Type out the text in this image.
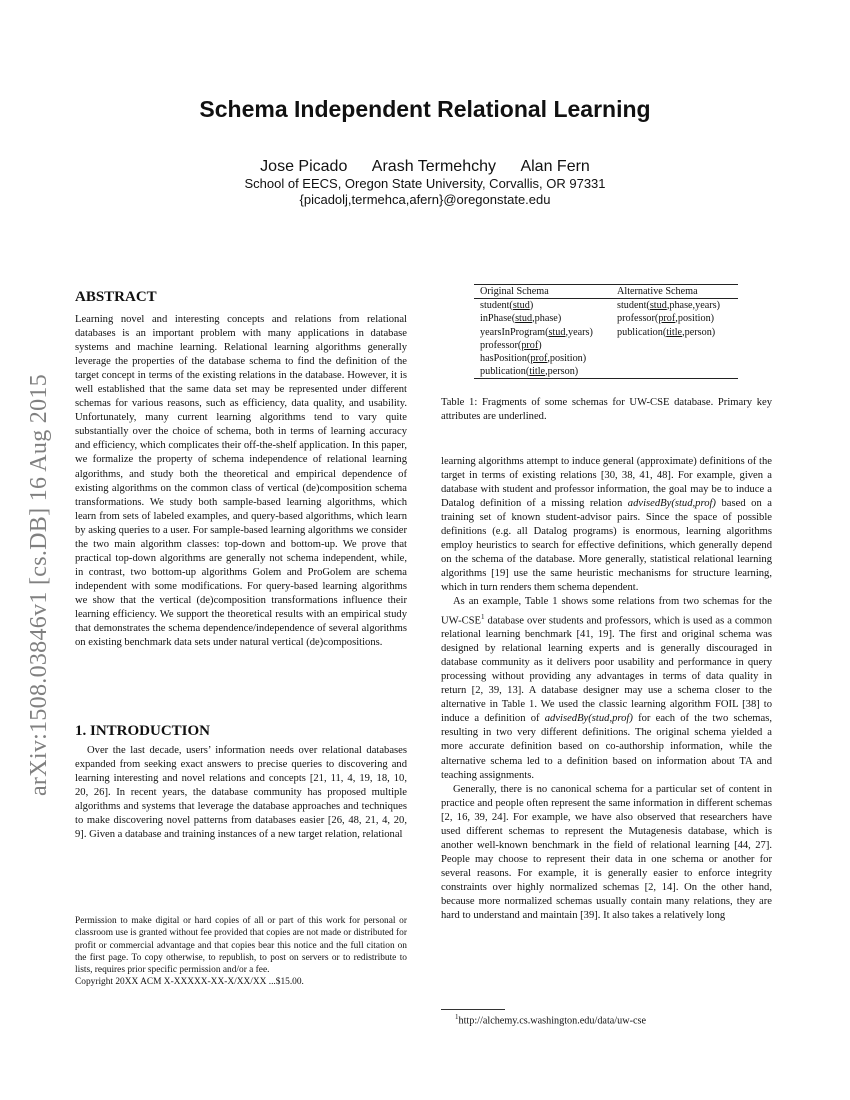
Schema Independent Relational Learning
Jose Picado Arash Termehchy Alan Fern
School of EECS, Oregon State University, Corvallis, OR 97331
{picadolj,termehca,afern}@oregonstate.edu
arXiv:1508.03846v1 [cs.DB] 16 Aug 2015
ABSTRACT

Learning novel and interesting concepts and relations from relational databases is an important problem with many applications in database systems and machine learning. Relational learning algorithms generally leverage the properties of the database schema to find the definition of the target concept in terms of the existing relations in the database. However, it is well established that the same data set may be represented under different schemas for various reasons, such as efficiency, data quality, and usability. Unfortunately, many current learning algorithms tend to vary quite substantially over the choice of schema, both in terms of learning accuracy and efficiency, which complicates their off-the-shelf application. In this paper, we formalize the property of schema independence of relational learning algorithms, and study both the theoretical and empirical dependence of existing algorithms on the common class of vertical (de)composition schema transformations. We study both sample-based learning algorithms, which learn from sets of labeled examples, and query-based algorithms, which learn by asking queries to a user. For sample-based learning algorithms we consider the two main algorithm classes: top-down and bottom-up. We prove that practical top-down algorithms are generally not schema independent, while, in contrast, two bottom-up algorithms Golem and ProGolem are schema independent with some modifications. For query-based learning algorithms we show that the vertical (de)composition transformations influence their learning efficiency. We support the theoretical results with an empirical study that demonstrates the schema dependence/independence of several algorithms on existing benchmark data sets under natural vertical (de)compositions.

1. INTRODUCTION

Over the last decade, users’ information needs over relational databases expanded from seeking exact answers to precise queries to discovering and learning interesting and novel relations and concepts [21, 11, 4, 19, 18, 10, 20, 26]. In recent years, the database community has proposed multiple algorithms and systems that leverage the database approaches and techniques to make discovering novel patterns from databases easier [26, 48, 21, 4, 20, 9]. Given a database and training instances of a new target relation, relational

Permission to make digital or hard copies of all or part of this work for personal or classroom use is granted without fee provided that copies are not made or distributed for profit or commercial advantage and that copies bear this notice and the full citation on the first page. To copy otherwise, to republish, to post on servers or to redistribute to lists, requires prior specific permission and/or a fee.
Copyright 20XX ACM X-XXXXX-XX-X/XX/XX ...$15.00.
Original Schema	Alternative Schema
student(stud)
inPhase(stud,phase)
yearsInProgram(stud,years)
professor(prof)
hasPosition(prof,position)
publication(title,person)
student(stud,phase,years)
professor(prof,position)
publication(title,person)
Table 1: Fragments of some schemas for UW-CSE database. Primary key attributes are underlined.

learning algorithms attempt to induce general (approximate) definitions of the target in terms of existing relations [30, 38, 41, 48]. For example, given a database with student and professor information, the goal may be to induce a Datalog definition of a missing relation advisedBy(stud,prof) based on a training set of known student-advisor pairs. Since the space of possible definitions (e.g. all Datalog programs) is enormous, learning algorithms employ heuristics to search for effective definitions, which generally depend on the schema of the database. More generally, statistical relational learning algorithms [19] use the same heuristic mechanisms for structure learning, which in turn renders them schema dependent.

As an example, Table 1 shows some relations from two schemas for the UW-CSE$^1$ database over students and professors, which is used as a common relational learning benchmark [41, 19]. The first and original schema was designed by relational learning experts and is generally discouraged in database community as it delivers poor usability and performance in query processing without providing any advantages in terms of data quality in return [2, 39, 13]. A database designer may use a schema closer to the alternative in Table 1. We used the classic learning algorithm FOIL [38] to induce a definition of advisedBy(stud,prof) for each of the two schemas, resulting in two very different definitions. The original schema yielded a more accurate definition based on co-authorship information, while the alternative schema led to a definition based on information about TA and teaching assignments.

Generally, there is no canonical schema for a particular set of content in practice and people often represent the same information in different schemas [2, 16, 39, 24]. For example, we have also observed that researchers have used different schemas to represent the Mutagenesis database, which is another well-known benchmark in the field of relational learning [44, 27]. People may choose to represent their data in one schema or another for several reasons. For example, it is generally easier to enforce integrity constraints over highly normalized schemas [2, 14]. On the other hand, because more normalized schemas usually contain many relations, they are hard to understand and maintain [39]. It also takes a relatively long

$^1$http://alchemy.cs.washington.edu/data/uw-cse
